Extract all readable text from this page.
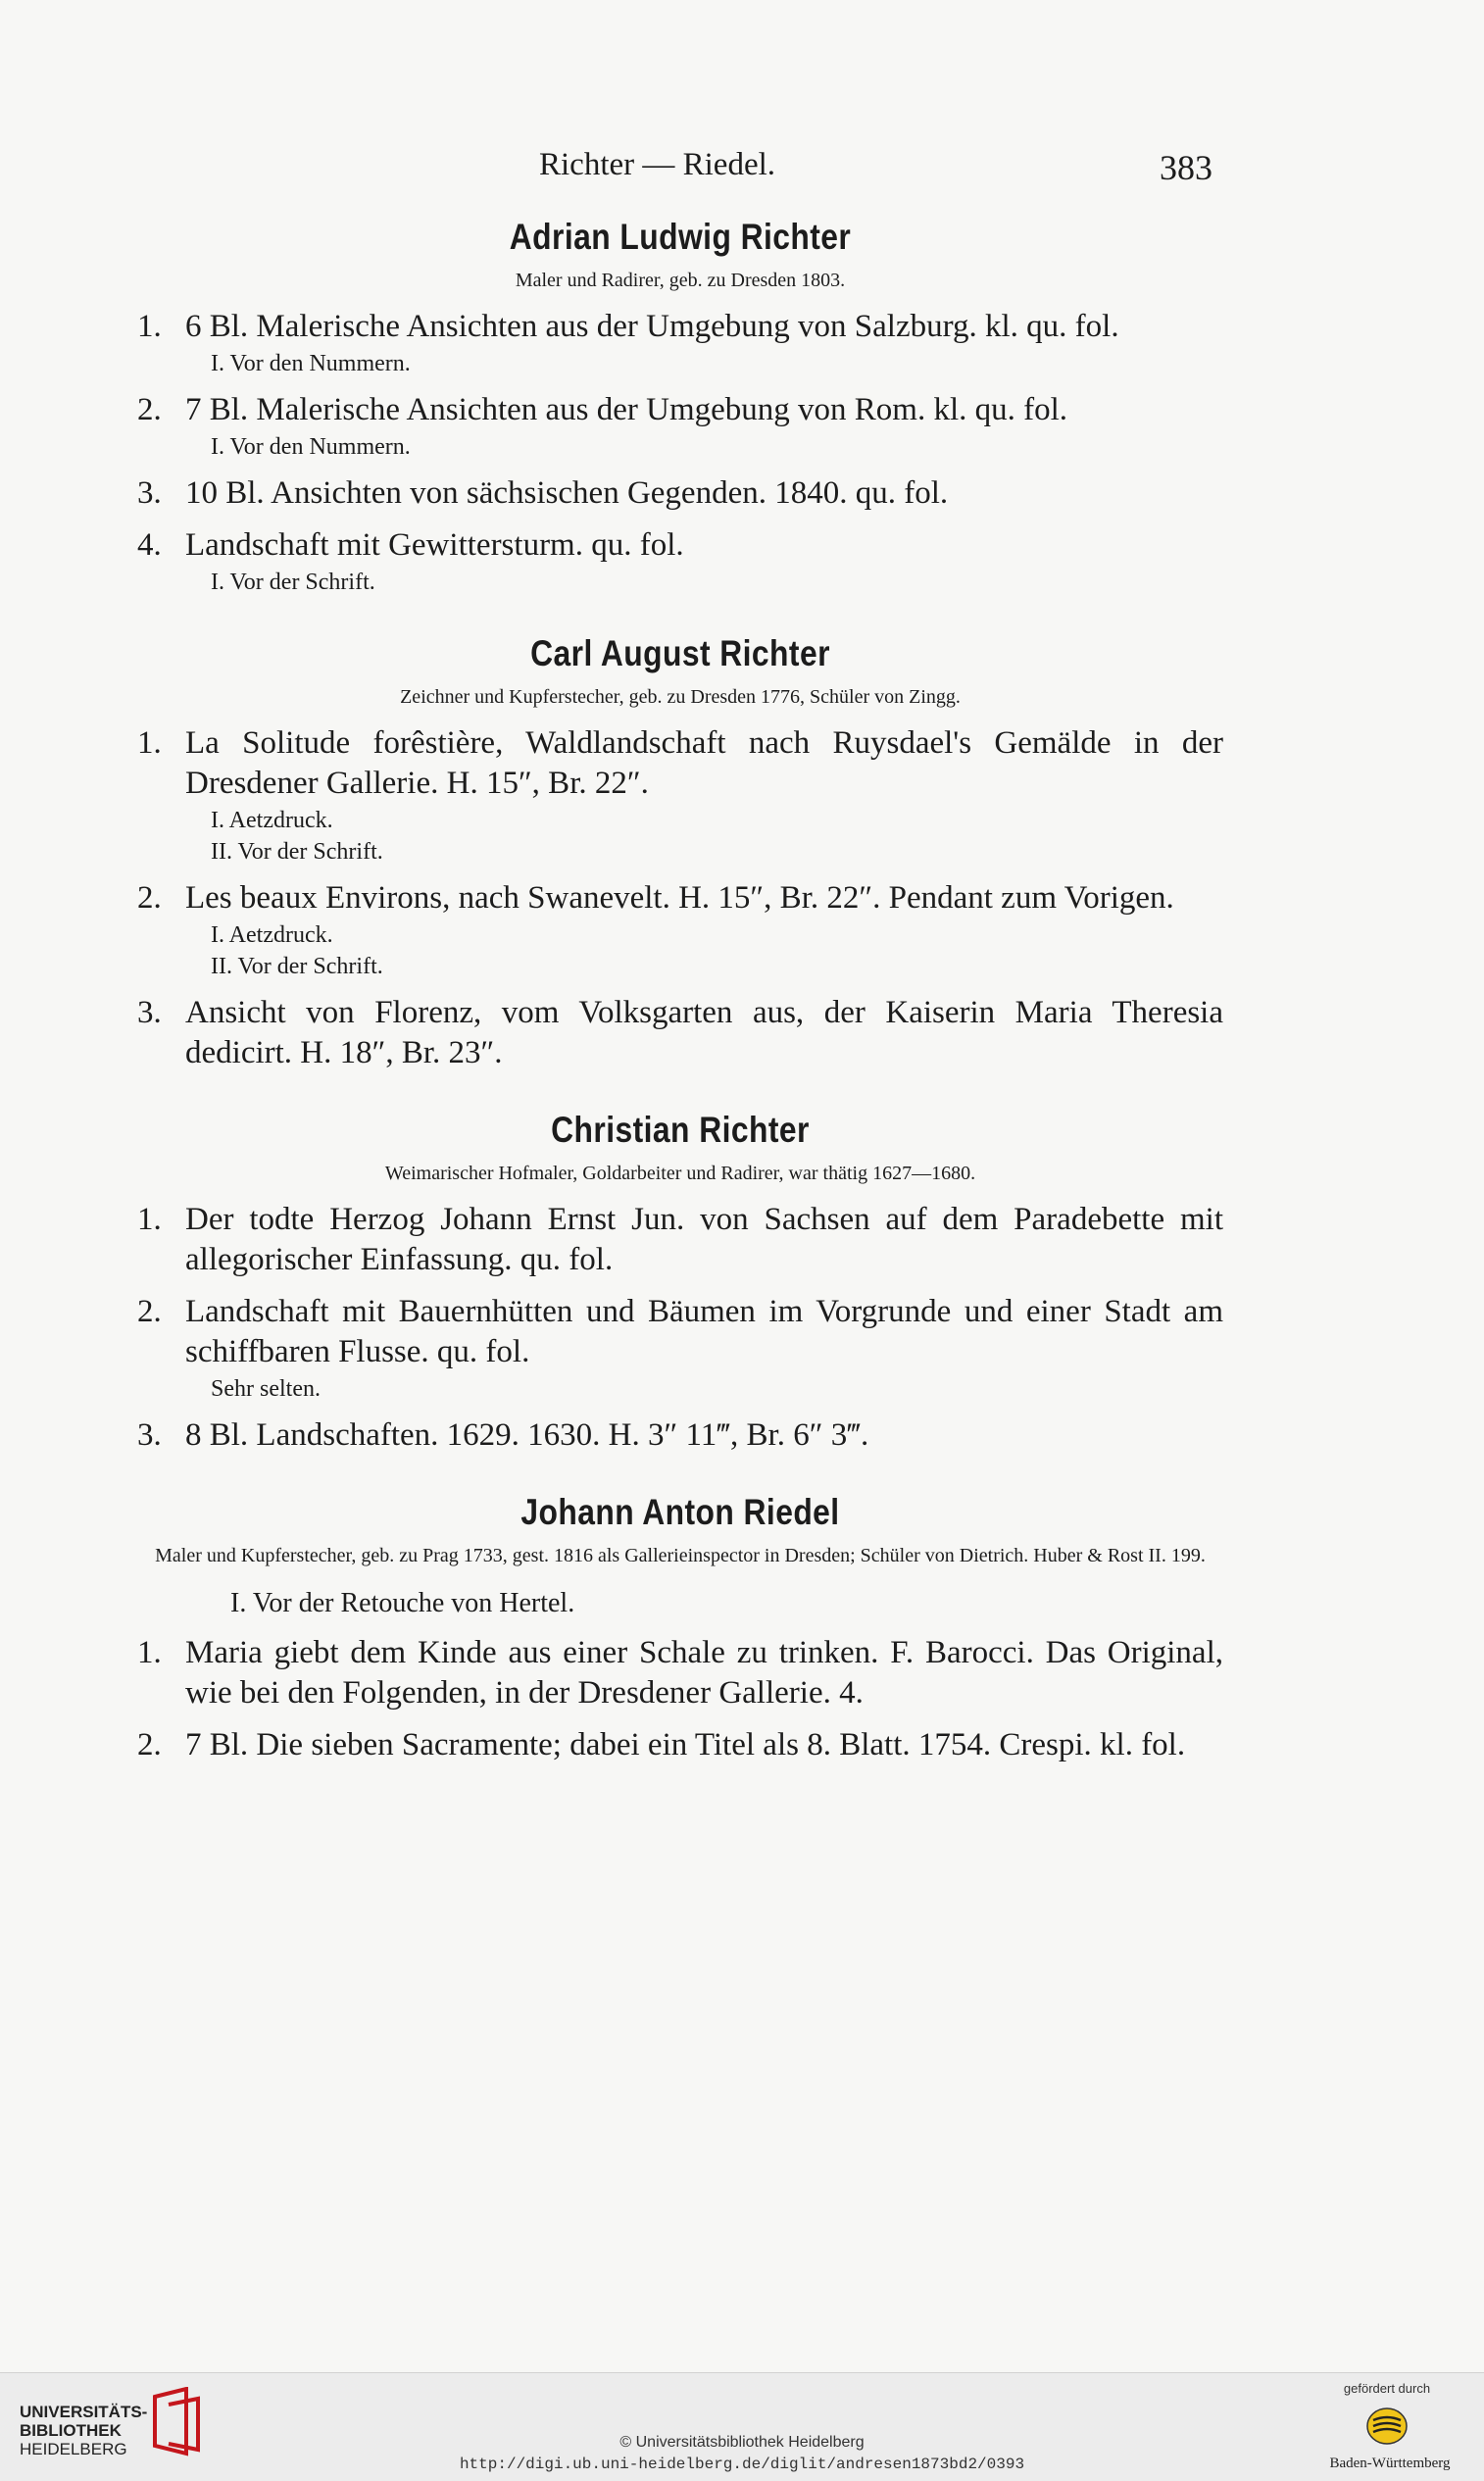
Richter — Riedel.	383
Adrian Ludwig Richter
Maler und Radirer, geb. zu Dresden 1803.
1. 6 Bl. Malerische Ansichten aus der Umgebung von Salzburg. kl. qu. fol.
I. Vor den Nummern.
2. 7 Bl. Malerische Ansichten aus der Umgebung von Rom. kl. qu. fol.
I. Vor den Nummern.
3. 10 Bl. Ansichten von sächsischen Gegenden. 1840. qu. fol.
4. Landschaft mit Gewittersturm. qu. fol.
I. Vor der Schrift.
Carl August Richter
Zeichner und Kupferstecher, geb. zu Dresden 1776, Schüler von Zingg.
1. La Solitude forêstière, Waldlandschaft nach Ruysdael's Gemälde in der Dresdener Gallerie. H. 15″, Br. 22″.
I. Aetzdruck.
II. Vor der Schrift.
2. Les beaux Environs, nach Swanevelt. H. 15″, Br. 22″. Pendant zum Vorigen.
I. Aetzdruck.
II. Vor der Schrift.
3. Ansicht von Florenz, vom Volksgarten aus, der Kaiserin Maria Theresia dedicirt. H. 18″, Br. 23″.
Christian Richter
Weimarischer Hofmaler, Goldarbeiter und Radirer, war thätig 1627—1680.
1. Der todte Herzog Johann Ernst Jun. von Sachsen auf dem Paradebette mit allegorischer Einfassung. qu. fol.
2. Landschaft mit Bauernhütten und Bäumen im Vorgrunde und einer Stadt am schiffbaren Flusse. qu. fol.
Sehr selten.
3. 8 Bl. Landschaften. 1629. 1630. H. 3″ 11‴, Br. 6″ 3‴.
Johann Anton Riedel
Maler und Kupferstecher, geb. zu Prag 1733, gest. 1816 als Gallerieinspector in Dresden; Schüler von Dietrich. Huber & Rost II. 199.
I. Vor der Retouche von Hertel.
1. Maria giebt dem Kinde aus einer Schale zu trinken. F. Barocci. Das Original, wie bei den Folgenden, in der Dresdener Gallerie. 4.
2. 7 Bl. Die sieben Sacramente; dabei ein Titel als 8. Blatt. 1754. Crespi. kl. fol.
UNIVERSITÄTS-
BIBLIOTHEK
HEIDELBERG	© Universitätsbibliothek Heidelberg
http://digi.ub.uni-heidelberg.de/diglit/andresen1873bd2/0393
gefördert durch
Baden-Württemberg
